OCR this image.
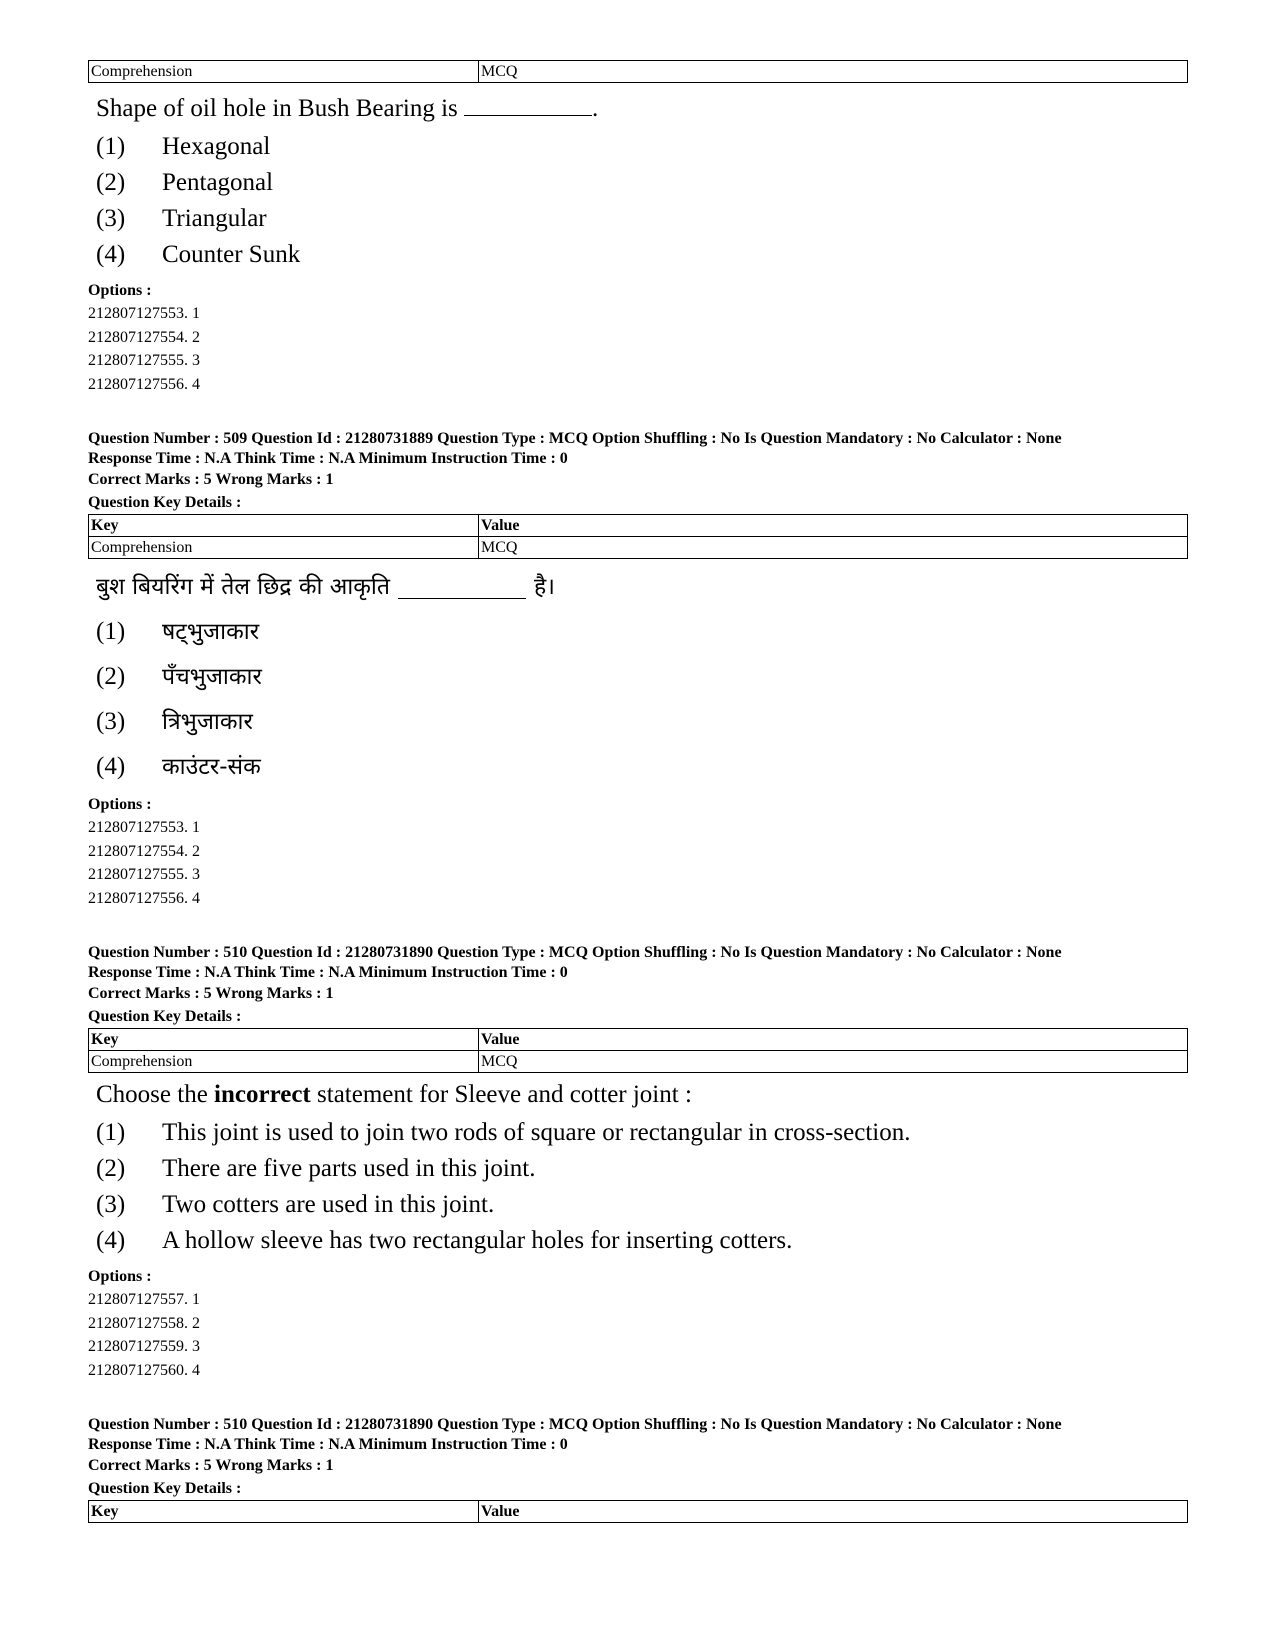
Comprehension	MCQ
Shape of oil hole in Bush Bearing is	.
(1)	Hexagonal
(2)	Pentagonal
(3)	Triangular
(4)	Counter Sunk
Options :
212807127553. 1
212807127554. 2
212807127555. 3
212807127556. 4
Question Number : 509 Question Id : 21280731889 Question Type : MCQ Option Shuffling : No Is Question Mandatory : No Calculator : None
Response Time : N.A Think Time : N.A Minimum Instruction Time : 0
Correct Marks : 5 Wrong Marks : 1
Question Key Details :
Key	Value
Comprehension	MCQ
बुश बियरिंग में तेल छिद्र की आकृति	है।
(1)	षट्भुजाकार
(2)	पँचभुजाकार
(3)	त्रिभुजाकार
(4)	काउंटर-संक
Options :
212807127553. 1
212807127554. 2
212807127555. 3
212807127556. 4
Question Number : 510 Question Id : 21280731890 Question Type : MCQ Option Shuffling : No Is Question Mandatory : No Calculator : None
Response Time : N.A Think Time : N.A Minimum Instruction Time : 0
Correct Marks : 5 Wrong Marks : 1
Question Key Details :
Key	Value
Comprehension	MCQ
Choose the incorrect statement for Sleeve and cotter joint :
(1)	This joint is used to join two rods of square or rectangular in cross-section.
(2)	There are five parts used in this joint.
(3)	Two cotters are used in this joint.
(4)	A hollow sleeve has two rectangular holes for inserting cotters.
Options :
212807127557. 1
212807127558. 2
212807127559. 3
212807127560. 4
Question Number : 510 Question Id : 21280731890 Question Type : MCQ Option Shuffling : No Is Question Mandatory : No Calculator : None
Response Time : N.A Think Time : N.A Minimum Instruction Time : 0
Correct Marks : 5 Wrong Marks : 1
Question Key Details :
Key	Value
